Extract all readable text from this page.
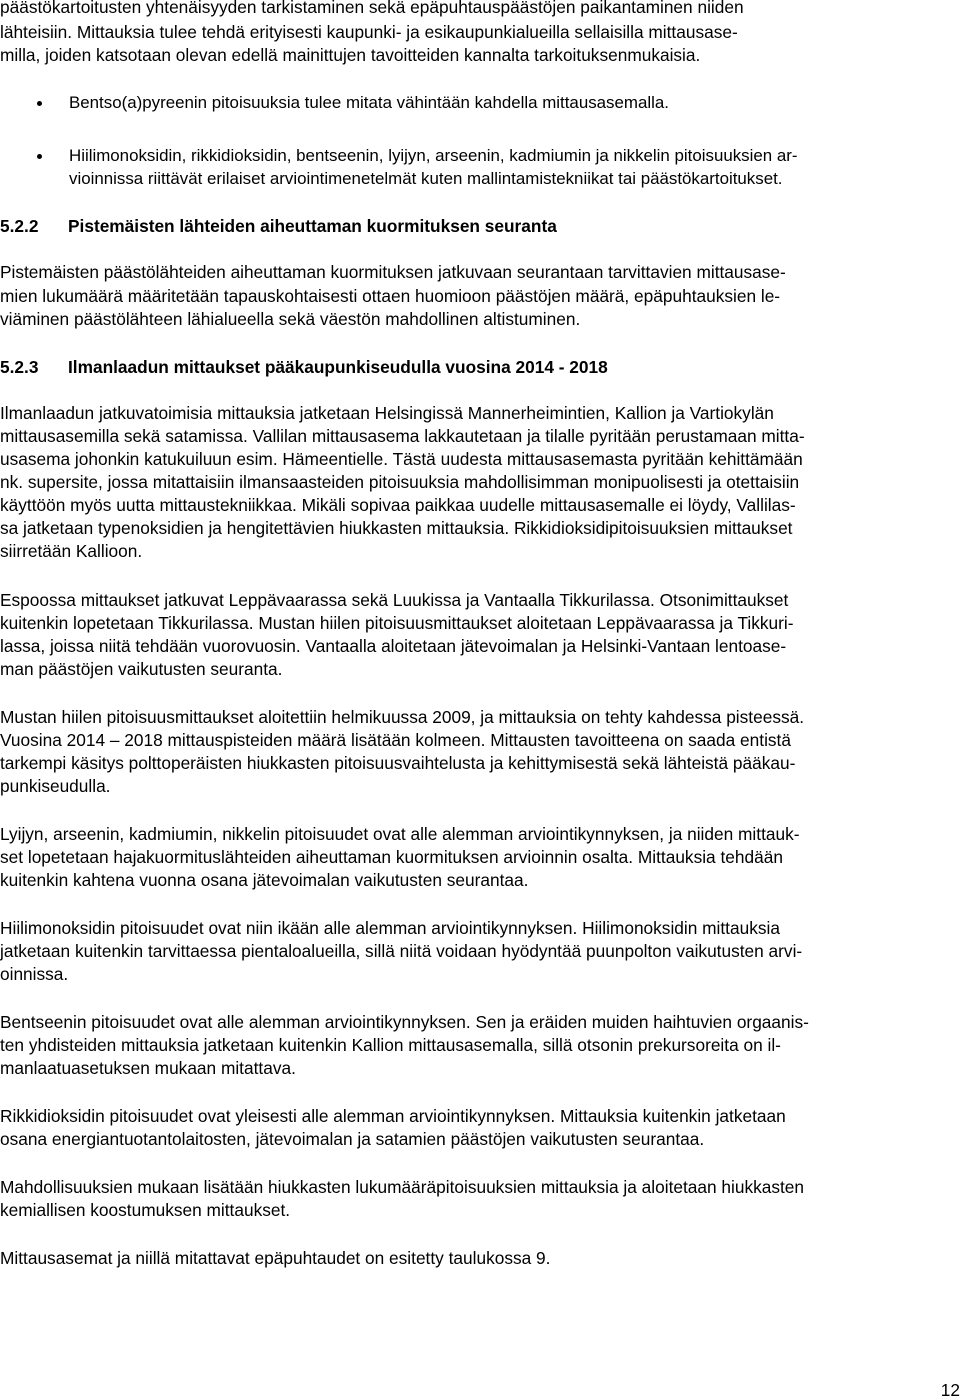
päästökartoitusten yhtenäisyyden tarkistaminen sekä epäpuhtauspäästöjen paikantaminen niiden
lähteisiin. Mittauksia tulee tehdä erityisesti kaupunki- ja esikaupunkialueilla sellaisilla mittausase-
milla, joiden katsotaan olevan edellä mainittujen tavoitteiden kannalta tarkoituksenmukaisia.
Bentso(a)pyreenin pitoisuuksia tulee mitata vähintään kahdella mittausasemalla.
Hiilimonoksidin, rikkidioksidin, bentseenin, lyijyn, arseenin, kadmiumin ja nikkelin pitoisuuksien ar-
vioinnissa riittävät erilaiset arviointimenetelmät kuten mallintamistekniikat tai päästökartoitukset.
5.2.2 Pistemäisten lähteiden aiheuttaman kuormituksen seuranta
Pistemäisten päästölähteiden aiheuttaman kuormituksen jatkuvaan seurantaan tarvittavien mittausase-
mien lukumäärä määritetään tapauskohtaisesti ottaen huomioon päästöjen määrä, epäpuhtauksien le-
viäminen päästölähteen lähialueella sekä väestön mahdollinen altistuminen.
5.2.3 Ilmanlaadun mittaukset pääkaupunkiseudulla vuosina 2014 - 2018
Ilmanlaadun jatkuvatoimisia mittauksia jatketaan Helsingissä Mannerheimintien, Kallion ja Vartiokylän
mittausasemilla sekä satamissa. Vallilan mittausasema lakkautetaan ja tilalle pyritään perustamaan mitta-
usasema johonkin katukuiluun esim. Hämeentielle. Tästä uudesta mittausasemasta pyritään kehittämään
nk. supersite, jossa mitattaisiin ilmansaasteiden pitoisuuksia mahdollisimman monipuolisesti ja otettaisiin
käyttöön myös uutta mittaustekniikkaa. Mikäli sopivaa paikkaa uudelle mittausasemalle ei löydy, Vallilas-
sa jatketaan typenoksidien ja hengitettävien hiukkasten mittauksia. Rikkidioksidipitoisuuksien mittaukset
siirretään Kallioon.
Espoossa mittaukset jatkuvat Leppävaarassa sekä Luukissa ja Vantaalla Tikkurilassa. Otsonimittaukset
kuitenkin lopetetaan Tikkurilassa. Mustan hiilen pitoisuusmittaukset aloitetaan Leppävaarassa ja Tikkuri-
lassa, joissa niitä tehdään vuorovuosin. Vantaalla aloitetaan jätevoimalan ja Helsinki-Vantaan lentoase-
man päästöjen vaikutusten seuranta.
Mustan hiilen pitoisuusmittaukset aloitettiin helmikuussa 2009, ja mittauksia on tehty kahdessa pisteessä.
Vuosina 2014 – 2018 mittauspisteiden määrä lisätään kolmeen. Mittausten tavoitteena on saada entistä
tarkempi käsitys polttoperäisten hiukkasten pitoisuusvaihtelusta ja kehittymisestä sekä lähteistä pääkau-
punkiseudulla.
Lyijyn, arseenin, kadmiumin, nikkelin pitoisuudet ovat alle alemman arviointikynnyksen, ja niiden mittauk-
set lopetetaan hajakuormituslähteiden aiheuttaman kuormituksen arvioinnin osalta. Mittauksia tehdään
kuitenkin kahtena vuonna osana jätevoimalan vaikutusten seurantaa.
Hiilimonoksidin pitoisuudet ovat niin ikään alle alemman arviointikynnyksen. Hiilimonoksidin mittauksia
jatketaan kuitenkin tarvittaessa pientaloalueilla, sillä niitä voidaan hyödyntää puunpolton vaikutusten arvi-
oinnissa.
Bentseenin pitoisuudet ovat alle alemman arviointikynnyksen. Sen ja eräiden muiden haihtuvien orgaanis-
ten yhdisteiden mittauksia jatketaan kuitenkin Kallion mittausasemalla, sillä otsonin prekursoreita on il-
manlaatuasetuksen mukaan mitattava.
Rikkidioksidin pitoisuudet ovat yleisesti alle alemman arviointikynnyksen. Mittauksia kuitenkin jatketaan
osana energiantuotantolaitosten, jätevoimalan ja satamien päästöjen vaikutusten seurantaa.
Mahdollisuuksien mukaan lisätään hiukkasten lukumääräpitoisuuksien mittauksia ja aloitetaan hiukkasten
kemiallisen koostumuksen mittaukset.
Mittausasemat ja niillä mitattavat epäpuhtaudet on esitetty taulukossa 9.
12
